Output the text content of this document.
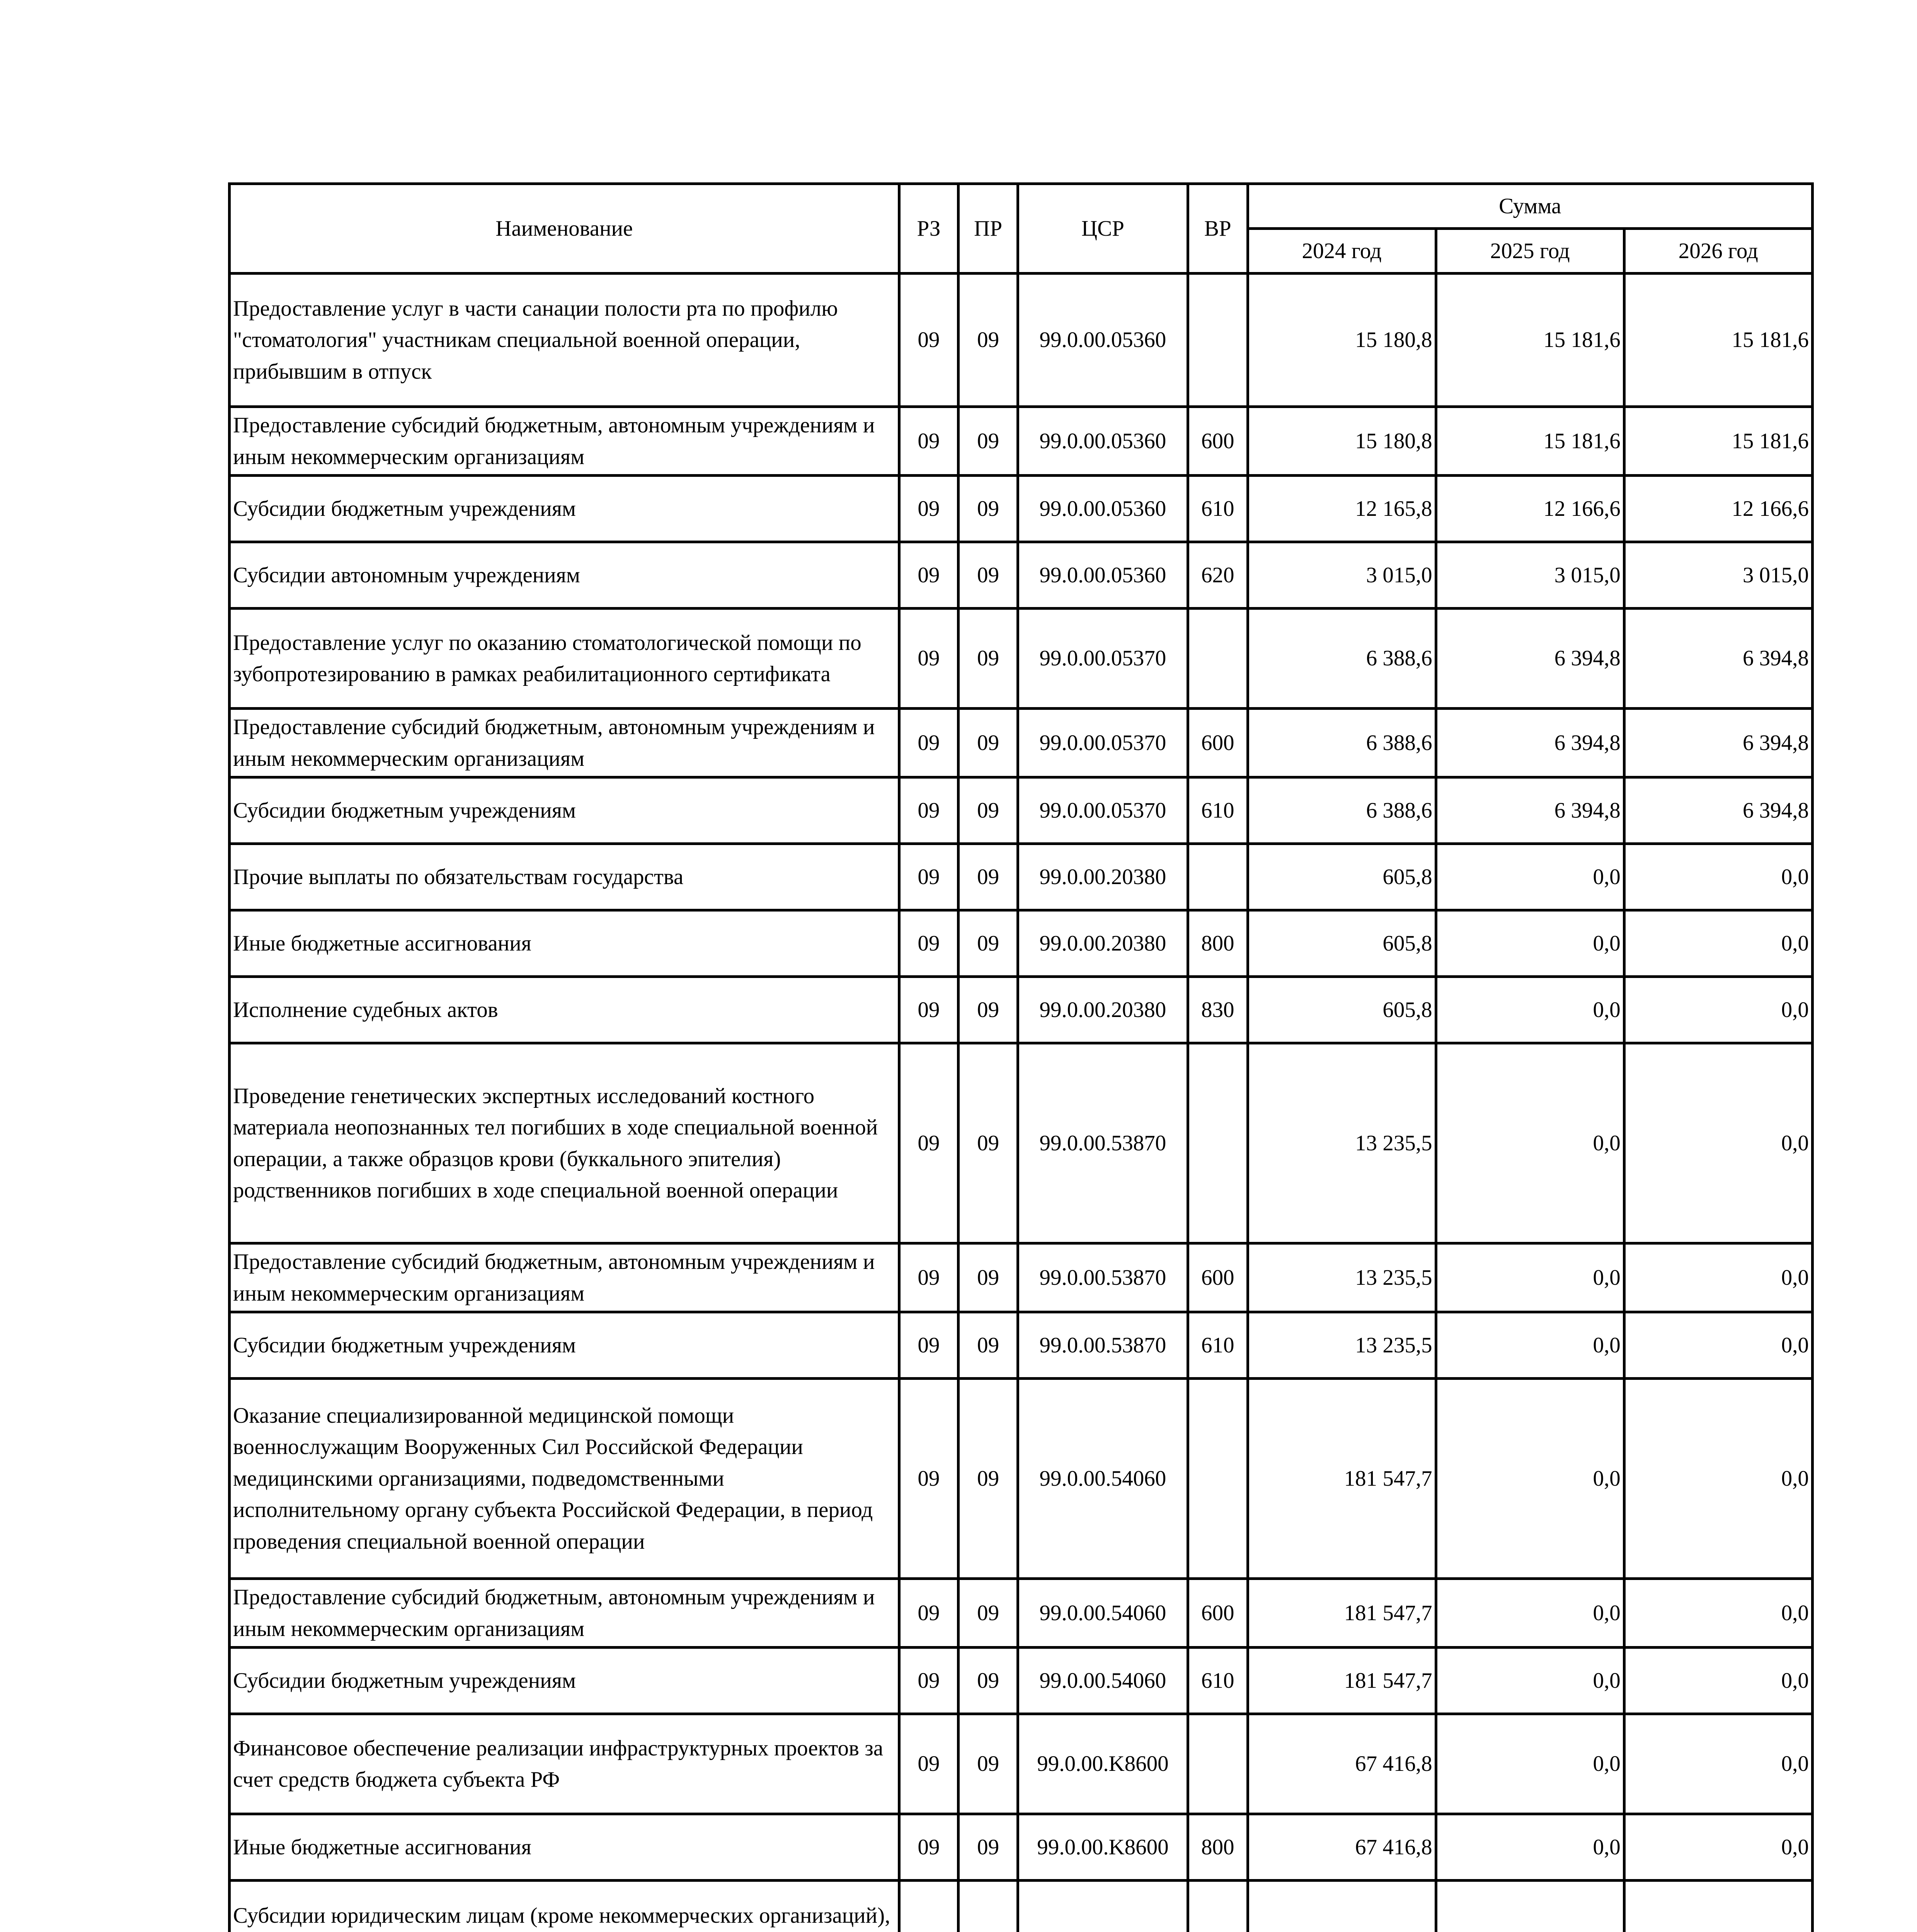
Наименование	РЗ	ПР	ЦСР	ВР	Сумма		
					2024 год	2025 год	2026 год
Предоставление услуг в части санации полости рта по профилю "стоматология" участникам специальной военной операции, прибывшим в отпуск	09	09	99.0.00.05360		15 180,8	15 181,6	15 181,6
Предоставление субсидий бюджетным, автономным учреждениям и иным некоммерческим организациям	09	09	99.0.00.05360	600	15 180,8	15 181,6	15 181,6
Субсидии бюджетным учреждениям	09	09	99.0.00.05360	610	12 165,8	12 166,6	12 166,6
Субсидии автономным учреждениям	09	09	99.0.00.05360	620	3 015,0	3 015,0	3 015,0
Предоставление услуг по оказанию стоматологической помощи по зубопротезированию в рамках реабилитационного сертификата	09	09	99.0.00.05370		6 388,6	6 394,8	6 394,8
Предоставление субсидий бюджетным, автономным учреждениям и иным некоммерческим организациям	09	09	99.0.00.05370	600	6 388,6	6 394,8	6 394,8
Субсидии бюджетным учреждениям	09	09	99.0.00.05370	610	6 388,6	6 394,8	6 394,8
Прочие выплаты по обязательствам государства	09	09	99.0.00.20380		605,8	0,0	0,0
Иные бюджетные ассигнования	09	09	99.0.00.20380	800	605,8	0,0	0,0
Исполнение судебных актов	09	09	99.0.00.20380	830	605,8	0,0	0,0
Проведение генетических экспертных исследований костного материала неопознанных тел погибших в ходе специальной военной операции, а также образцов крови (буккального эпителия) родственников погибших в ходе специальной военной операции	09	09	99.0.00.53870		13 235,5	0,0	0,0
Предоставление субсидий бюджетным, автономным учреждениям и иным некоммерческим организациям	09	09	99.0.00.53870	600	13 235,5	0,0	0,0
Субсидии бюджетным учреждениям	09	09	99.0.00.53870	610	13 235,5	0,0	0,0
Оказание специализированной медицинской помощи военнослужащим Вооруженных Сил Российской Федерации медицинскими организациями, подведомственными исполнительному органу субъекта Российской Федерации, в период проведения специальной военной операции	09	09	99.0.00.54060		181 547,7	0,0	0,0
Предоставление субсидий бюджетным, автономным учреждениям и иным некоммерческим организациям	09	09	99.0.00.54060	600	181 547,7	0,0	0,0
Субсидии бюджетным учреждениям	09	09	99.0.00.54060	610	181 547,7	0,0	0,0
Финансовое обеспечение реализации инфраструктурных проектов за счет средств бюджета субъекта РФ	09	09	99.0.00.K8600		67 416,8	0,0	0,0
Иные бюджетные ассигнования	09	09	99.0.00.K8600	800	67 416,8	0,0	0,0
Субсидии юридическим лицам (кроме некоммерческих организаций),							
